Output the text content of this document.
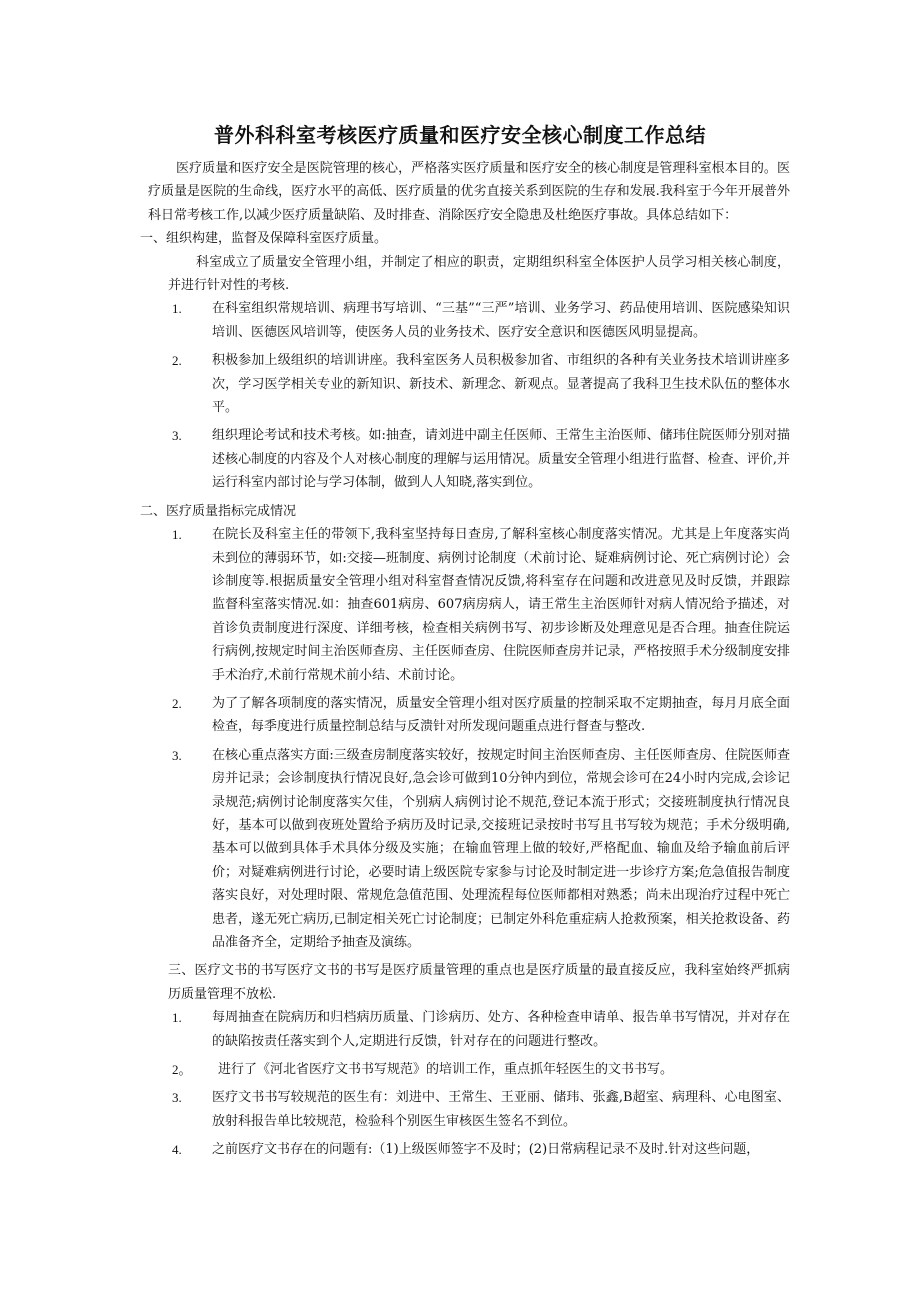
普外科科室考核医疗质量和医疗安全核心制度工作总结

医疗质量和医疗安全是医院管理的核心，严格落实医疗质量和医疗安全的核心制度是管理科室根本目的。医疗质量是医院的生命线，医疗水平的高低、医疗质量的优劣直接关系到医院的生存和发展.我科室于今年开展普外科日常考核工作,以减少医疗质量缺陷、及时排查、消除医疗安全隐患及杜绝医疗事故。具体总结如下：

一、组织构建，监督及保障科室医疗质量。

科室成立了质量安全管理小组，并制定了相应的职责，定期组织科室全体医护人员学习相关核心制度，并进行针对性的考核.

1.	在科室组织常规培训、病理书写培训、“三基”“三严”培训、业务学习、药品使用培训、医院感染知识培训、医德医风培训等，使医务人员的业务技术、医疗安全意识和医德医风明显提高。
2.	积极参加上级组织的培训讲座。我科室医务人员积极参加省、市组织的各种有关业务技术培训讲座多次，学习医学相关专业的新知识、新技术、新理念、新观点。显著提高了我科卫生技术队伍的整体水平。
3.	组织理论考试和技术考核。如:抽查，请刘进中副主任医师、王常生主治医师、储玮住院医师分别对描述核心制度的内容及个人对核心制度的理解与运用情况。质量安全管理小组进行监督、检查、评价,并运行科室内部讨论与学习体制，做到人人知晓,落实到位。

二、医疗质量指标完成情况

1.	在院长及科室主任的带领下,我科室坚持每日查房,了解科室核心制度落实情况。尤其是上年度落实尚未到位的薄弱环节，如:交接—班制度、病例讨论制度（术前讨论、疑难病例讨论、死亡病例讨论）会诊制度等.根据质量安全管理小组对科室督查情况反馈,将科室存在问题和改进意见及时反馈，并跟踪监督科室落实情况.如：抽查601病房、607病房病人，请王常生主治医师针对病人情况给予描述，对首诊负责制度进行深度、详细考核，检查相关病例书写、初步诊断及处理意见是否合理。抽查住院运行病例,按规定时间主治医师查房、主任医师查房、住院医师查房并记录，严格按照手术分级制度安排手术治疗,术前行常规术前小结、术前讨论。
2.	为了了解各项制度的落实情况，质量安全管理小组对医疗质量的控制采取不定期抽查，每月月底全面检查，每季度进行质量控制总结与反溃针对所发现问题重点进行督查与整改.
3.	在核心重点落实方面:三级查房制度落实较好，按规定时间主治医师查房、主任医师查房、住院医师查房并记录；会诊制度执行情况良好,急会诊可做到10分钟内到位，常规会诊可在24小时内完成,会诊记录规范;病例讨论制度落实欠佳，个别病人病例讨论不规范,登记本流于形式；交接班制度执行情况良好，基本可以做到夜班处置给予病历及时记录,交接班记录按时书写且书写较为规范；手术分级明确,基本可以做到具体手术具体分级及实施；在输血管理上做的较好,严格配血、输血及给予输血前后评价；对疑难病例进行讨论，必要时请上级医院专家参与讨论及时制定进一步诊疗方案;危急值报告制度落实良好，对处理时限、常规危急值范围、处理流程每位医师都相对熟悉；尚未出现治疗过程中死亡患者，遂无死亡病历,已制定相关死亡讨论制度；已制定外科危重症病人抢救预案，相关抢救设备、药品准备齐全，定期给予抽查及演练。

三、医疗文书的书写医疗文书的书写是医疗质量管理的重点也是医疗质量的最直接反应，我科室始终严抓病历质量管理不放松.

1.	每周抽查在院病历和归档病历质量、门诊病历、处方、各种检查申请单、报告单书写情况，并对存在的缺陷按责任落实到个人,定期进行反馈，针对存在的问题进行整改。
2。	进行了《河北省医疗文书书写规范》的培训工作，重点抓年轻医生的文书书写。
3.	医疗文书书写较规范的医生有：刘进中、王常生、王亚丽、储玮、张鑫,B超室、病理科、心电图室、放射科报告单比较规范，检验科个别医生审核医生签名不到位。
4.	之前医疗文书存在的问题有:（1)上级医师签字不及时；(2)日常病程记录不及时.针对这些问题，
